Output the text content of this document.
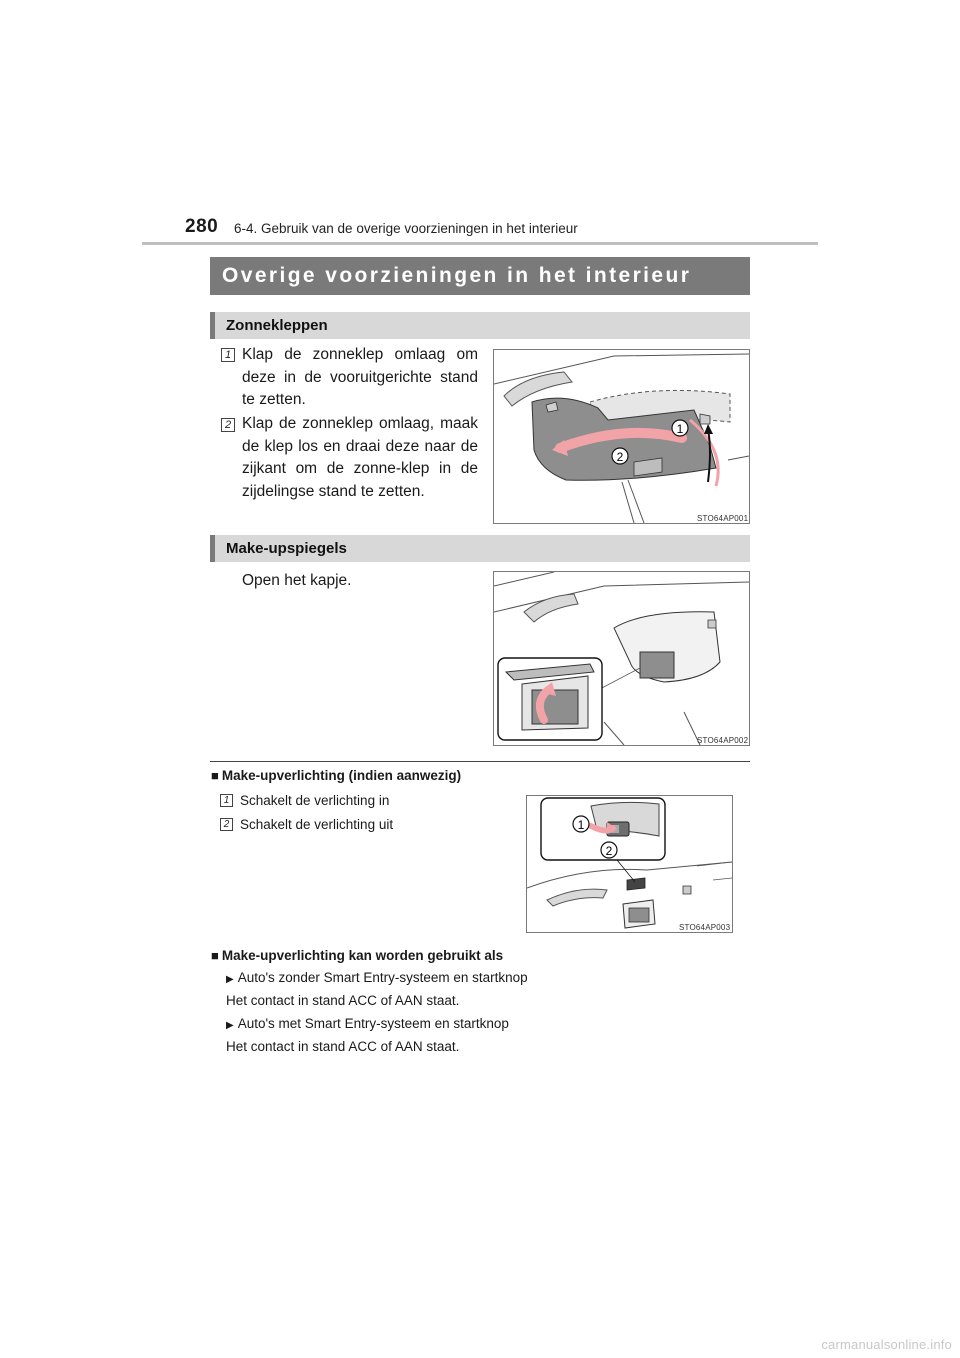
280 6-4. Gebruik van de overige voorzieningen in het interieur
Overige voorzieningen in het interieur
Zonnekleppen
1 Klap de zonneklep omlaag om deze in de vooruitgerichte stand te zetten.
2 Klap de zonneklep omlaag, maak de klep los en draai deze naar de zijkant om de zonne-klep in de zijdelingse stand te zetten.
1
2
STO64AP001
Make-upspiegels
Open het kapje.
STO64AP002
■ Make-upverlichting (indien aanwezig)
1 Schakelt de verlichting in
2 Schakelt de verlichting uit	1
2
STO64AP003
■ Make-upverlichting kan worden gebruikt als
▶ Auto's zonder Smart Entry-systeem en startknop
Het contact in stand ACC of AAN staat.
▶ Auto's met Smart Entry-systeem en startknop
Het contact in stand ACC of AAN staat.
carmanualsonline.info
